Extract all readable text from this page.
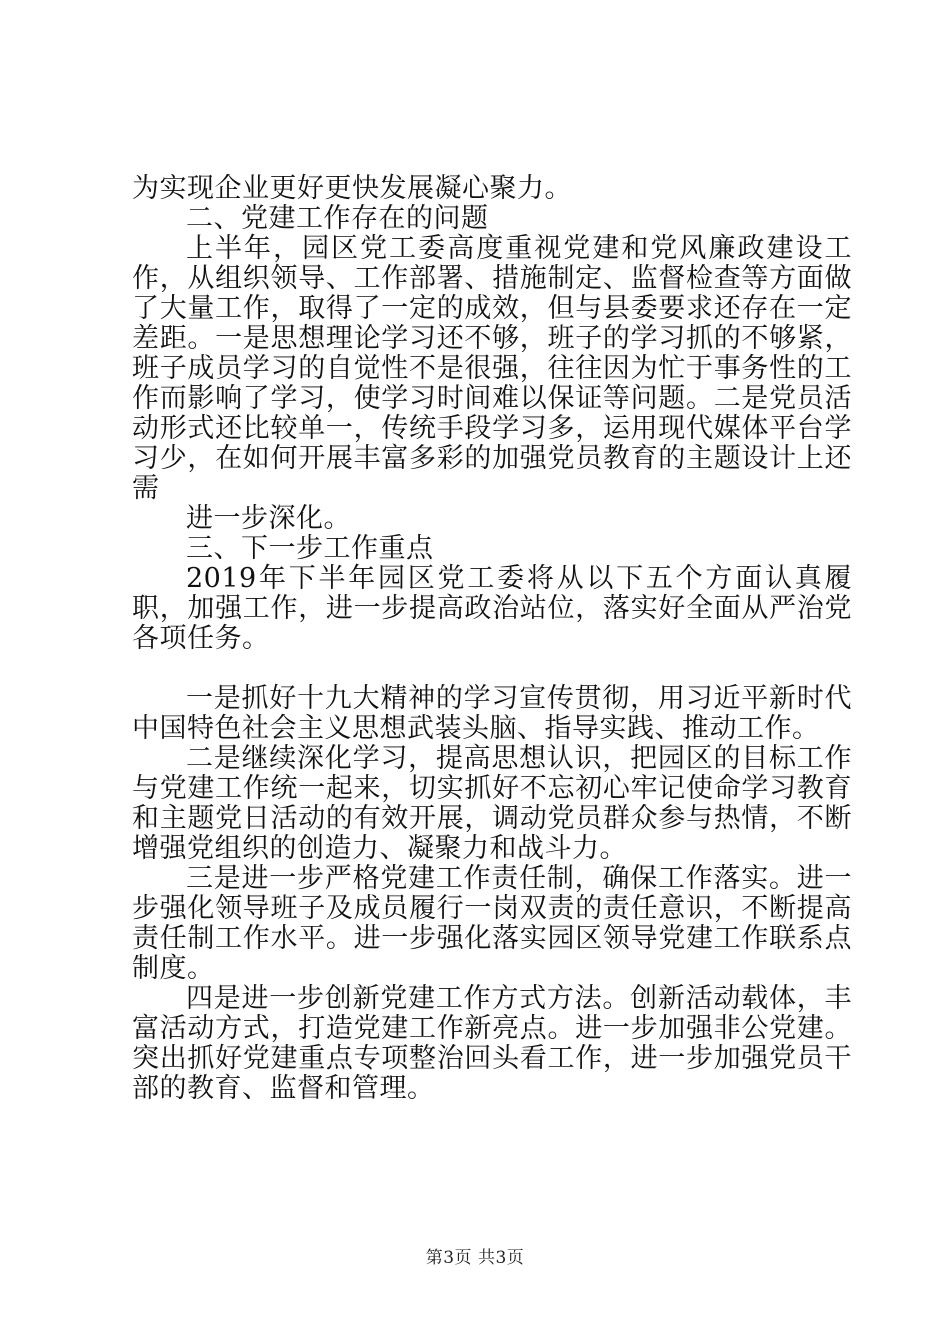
为实现企业更好更快发展凝心聚力。

二、党建工作存在的问题

上半年，园区党工委高度重视党建和党风廉政建设工作，从组织领导、工作部署、措施制定、监督检查等方面做了大量工作，取得了一定的成效，但与县委要求还存在一定差距。一是思想理论学习还不够，班子的学习抓的不够紧，班子成员学习的自觉性不是很强，往往因为忙于事务性的工作而影响了学习，使学习时间难以保证等问题。二是党员活动形式还比较单一，传统手段学习多，运用现代媒体平台学习少，在如何开展丰富多彩的加强党员教育的主题设计上还需

进一步深化。

三、下一步工作重点

2019年下半年园区党工委将从以下五个方面认真履职，加强工作，进一步提高政治站位，落实好全面从严治党各项任务。

一是抓好十九大精神的学习宣传贯彻，用习近平新时代中国特色社会主义思想武装头脑、指导实践、推动工作。

二是继续深化学习，提高思想认识，把园区的目标工作与党建工作统一起来，切实抓好不忘初心牢记使命学习教育和主题党日活动的有效开展，调动党员群众参与热情，不断增强党组织的创造力、凝聚力和战斗力。

三是进一步严格党建工作责任制，确保工作落实。进一步强化领导班子及成员履行一岗双责的责任意识，不断提高责任制工作水平。进一步强化落实园区领导党建工作联系点制度。

四是进一步创新党建工作方式方法。创新活动载体，丰富活动方式，打造党建工作新亮点。进一步加强非公党建。突出抓好党建重点专项整治回头看工作，进一步加强党员干部的教育、监督和管理。

第3页 共3页
